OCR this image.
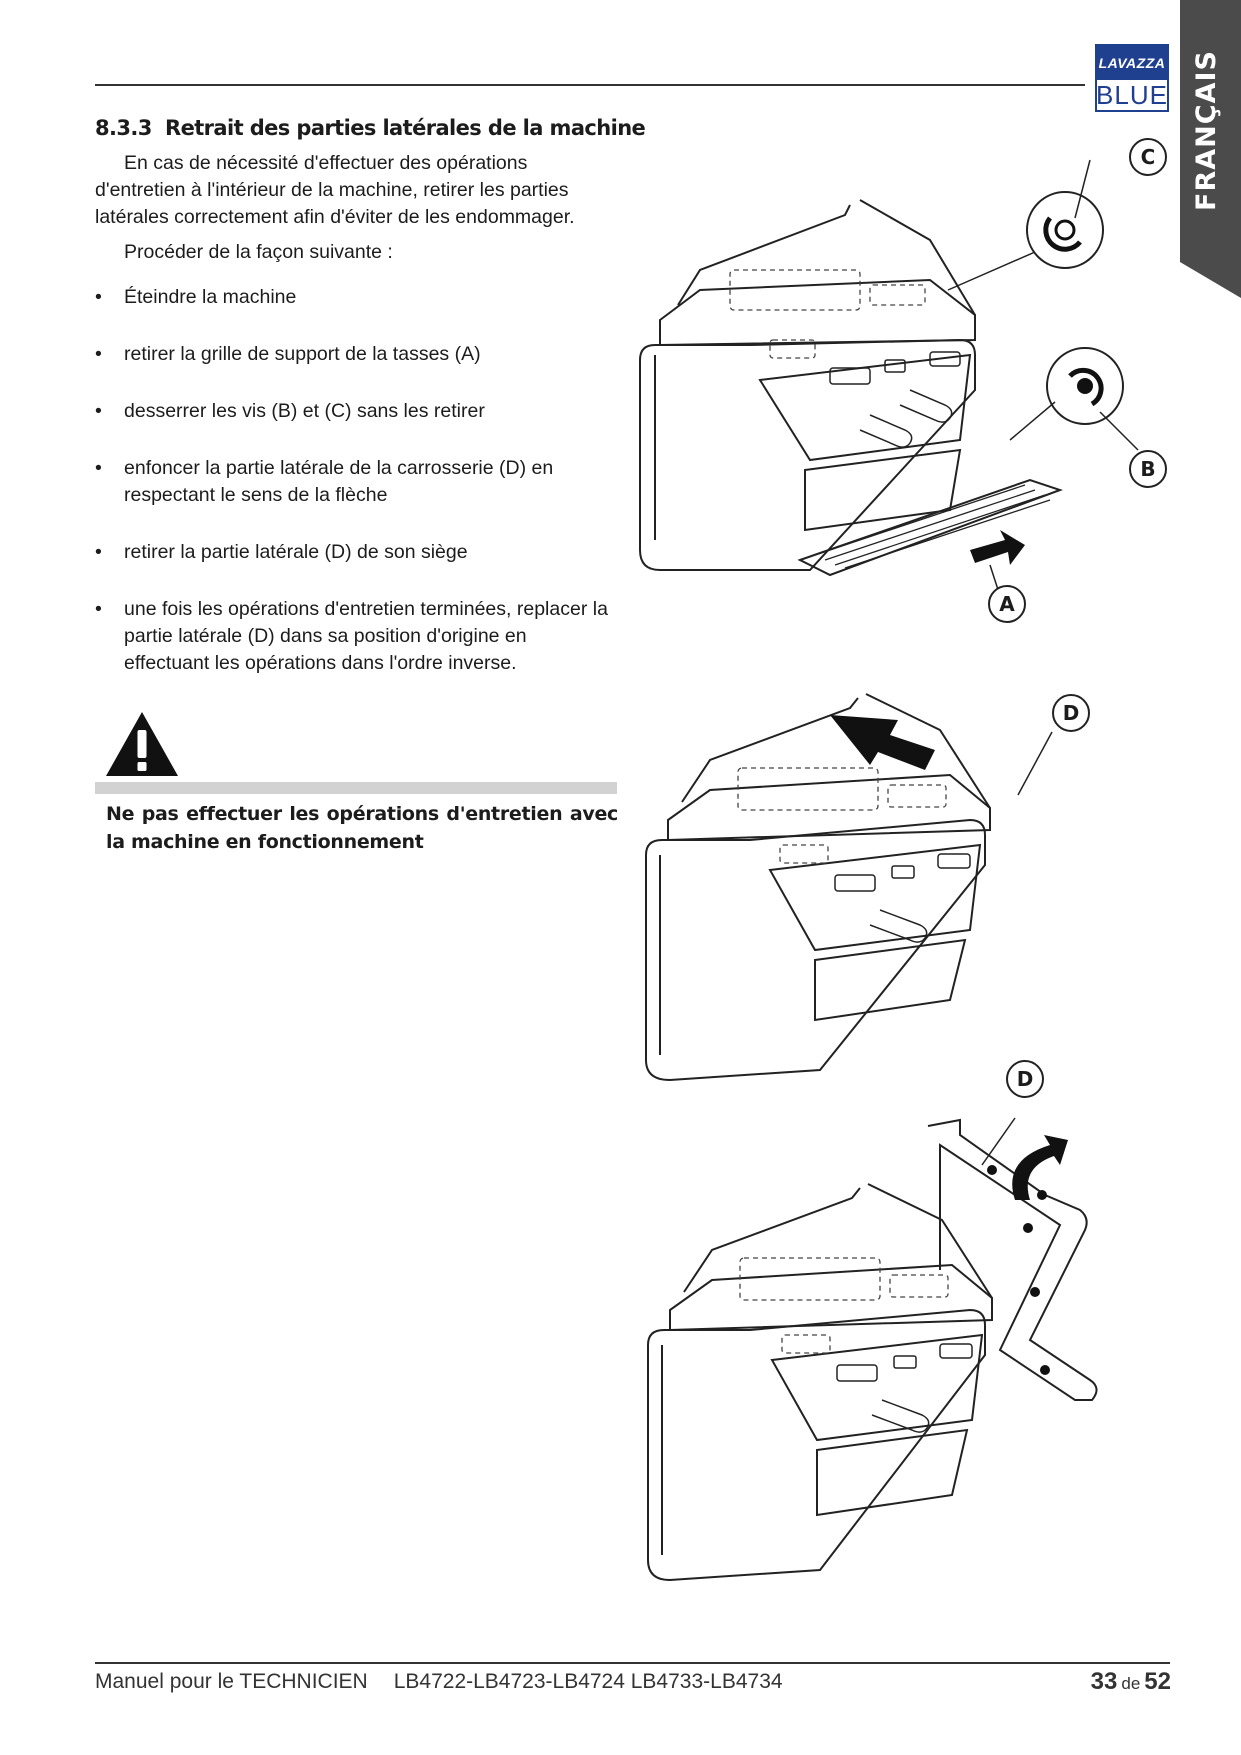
LAVAZZA
BLUE FRANÇAIS
8.3.3 Retrait des parties latérales de la machine
En cas de nécessité d'effectuer des opérations d'entretien à l'intérieur de la machine, retirer les parties latérales correctement afin d'éviter de les endommager.
Procéder de la façon suivante :
• Éteindre la machine
• retirer la grille de support de la tasses (A)
• desserrer les vis (B) et (C) sans les retirer
• enfoncer la partie latérale de la carrosserie (D) en respectant le sens de la flèche
• retirer la partie latérale (D) de son siège
• une fois les opérations d'entretien terminées, replacer la partie latérale (D) dans sa position d'origine en effectuant les opérations dans l'ordre inverse.
Ne pas effectuer les opérations d'entretien avec la machine en fonctionnement
C
B
A
D
D
Manuel pour le TECHNICIEN LB4722-LB4723-LB4724 LB4733-LB4734	33 de 52
